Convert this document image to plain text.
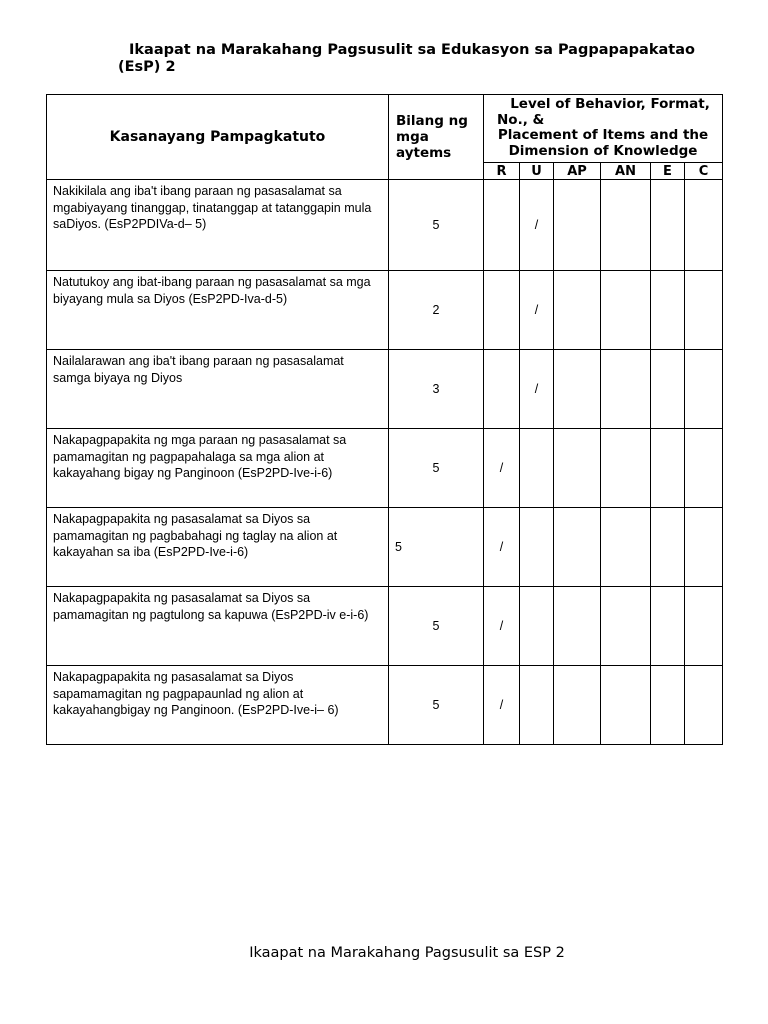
Ikaapat na Marakahang Pagsusulit sa Edukasyon sa Pagpapapakatao
(EsP) 2
Kasanayang Pampagkatuto	Bilang ng mga aytems	Level of Behavior, Format,
No., &
Placement of Items and the
Dimension of Knowledge					

		R	U	AP	AN	E	C
Nakikilala ang iba't ibang paraan ng pasasalamat sa mgabiyayang tinanggap, tinatanggap at tatanggapin mula saDiyos. (EsP2PDIVa-d– 5)	5		/				
Natutukoy ang ibat-ibang paraan ng pasasalamat sa mga biyayang mula sa Diyos (EsP2PD-Iva-d-5)	2		/				
Nailalarawan ang iba't ibang paraan ng pasasalamat samga biyaya ng Diyos	3		/				
Nakapagpapakita ng mga paraan ng pasasalamat sa pamamagitan ng pagpapahalaga sa mga alion at kakayahang bigay ng Panginoon (EsP2PD-Ive-i-6)	5	/					
Nakapagpapakita ng pasasalamat sa Diyos sa pamamagitan ng pagbabahagi ng taglay na alion at kakayahan sa iba (EsP2PD-Ive-i-6)	5	/					
Nakapagpapakita ng pasasalamat sa Diyos sa pamamagitan ng pagtulong sa kapuwa (EsP2PD-iv e-i-6)	5	/					
Nakapagpapakita ng pasasalamat sa Diyos sapamamagitan ng pagpapaunlad ng alion at kakayahangbigay ng Panginoon. (EsP2PD-Ive-i– 6)	5	/					
Ikaapat na Marakahang Pagsusulit sa ESP 2
